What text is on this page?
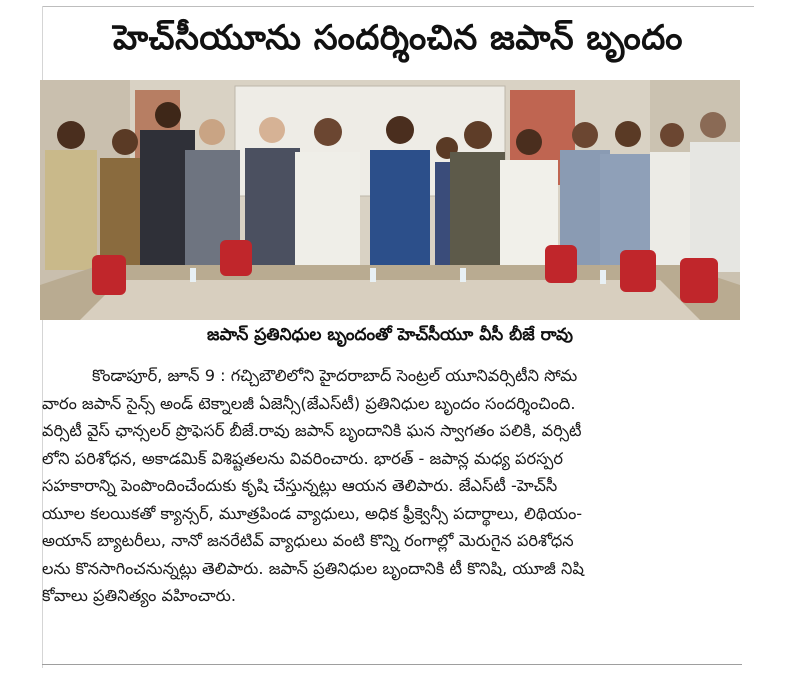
హెచ్‌సీయూను సందర్శించిన జపాన్ బృందం
జపాన్ ప్రతినిధుల బృందంతో హెచ్‌సీయూ వీసీ బీజే రావు
కొండాపూర్, జూన్ 9 : గచ్చిబౌలిలోని హైదరాబాద్ సెంట్రల్ యూనివర్సిటీని సోమ
వారం జపాన్ సైన్స్ అండ్ టెక్నాలజీ ఏజెన్సీ(జేఎస్‌టీ) ప్రతినిధుల బృందం సందర్శించింది.
వర్సిటీ వైస్ ఛాన్సలర్ ప్రొఫెసర్ బీజే.రావు జపాన్ బృందానికి ఘన స్వాగతం పలికి, వర్సిటీ
లోని పరిశోధన, అకాడమిక్ విశిష్టతలను వివరించారు. భారత్ - జపాన్ల మధ్య పరస్పర
సహకారాన్ని పెంపొందించేందుకు కృషి చేస్తున్నట్లు ఆయన తెలిపారు. జేఎస్‌టీ -హెచ్‌సీ
యూల కలయికతో క్యాన్సర్, మూత్రపిండ వ్యాధులు, అధిక ఫ్రీక్వెన్సీ పదార్థాలు, లిథియం-
అయాన్ బ్యాటరీలు, నానో జనరేటివ్ వ్యాధులు వంటి కొన్ని రంగాల్లో మెరుగైన పరిశోధన
లను కొనసాగించనున్నట్లు తెలిపారు. జపాన్ ప్రతినిధుల బృందానికి టీ కొనిషి, యూజీ నిషి
కోవాలు ప్రతినిత్యం వహించారు.
